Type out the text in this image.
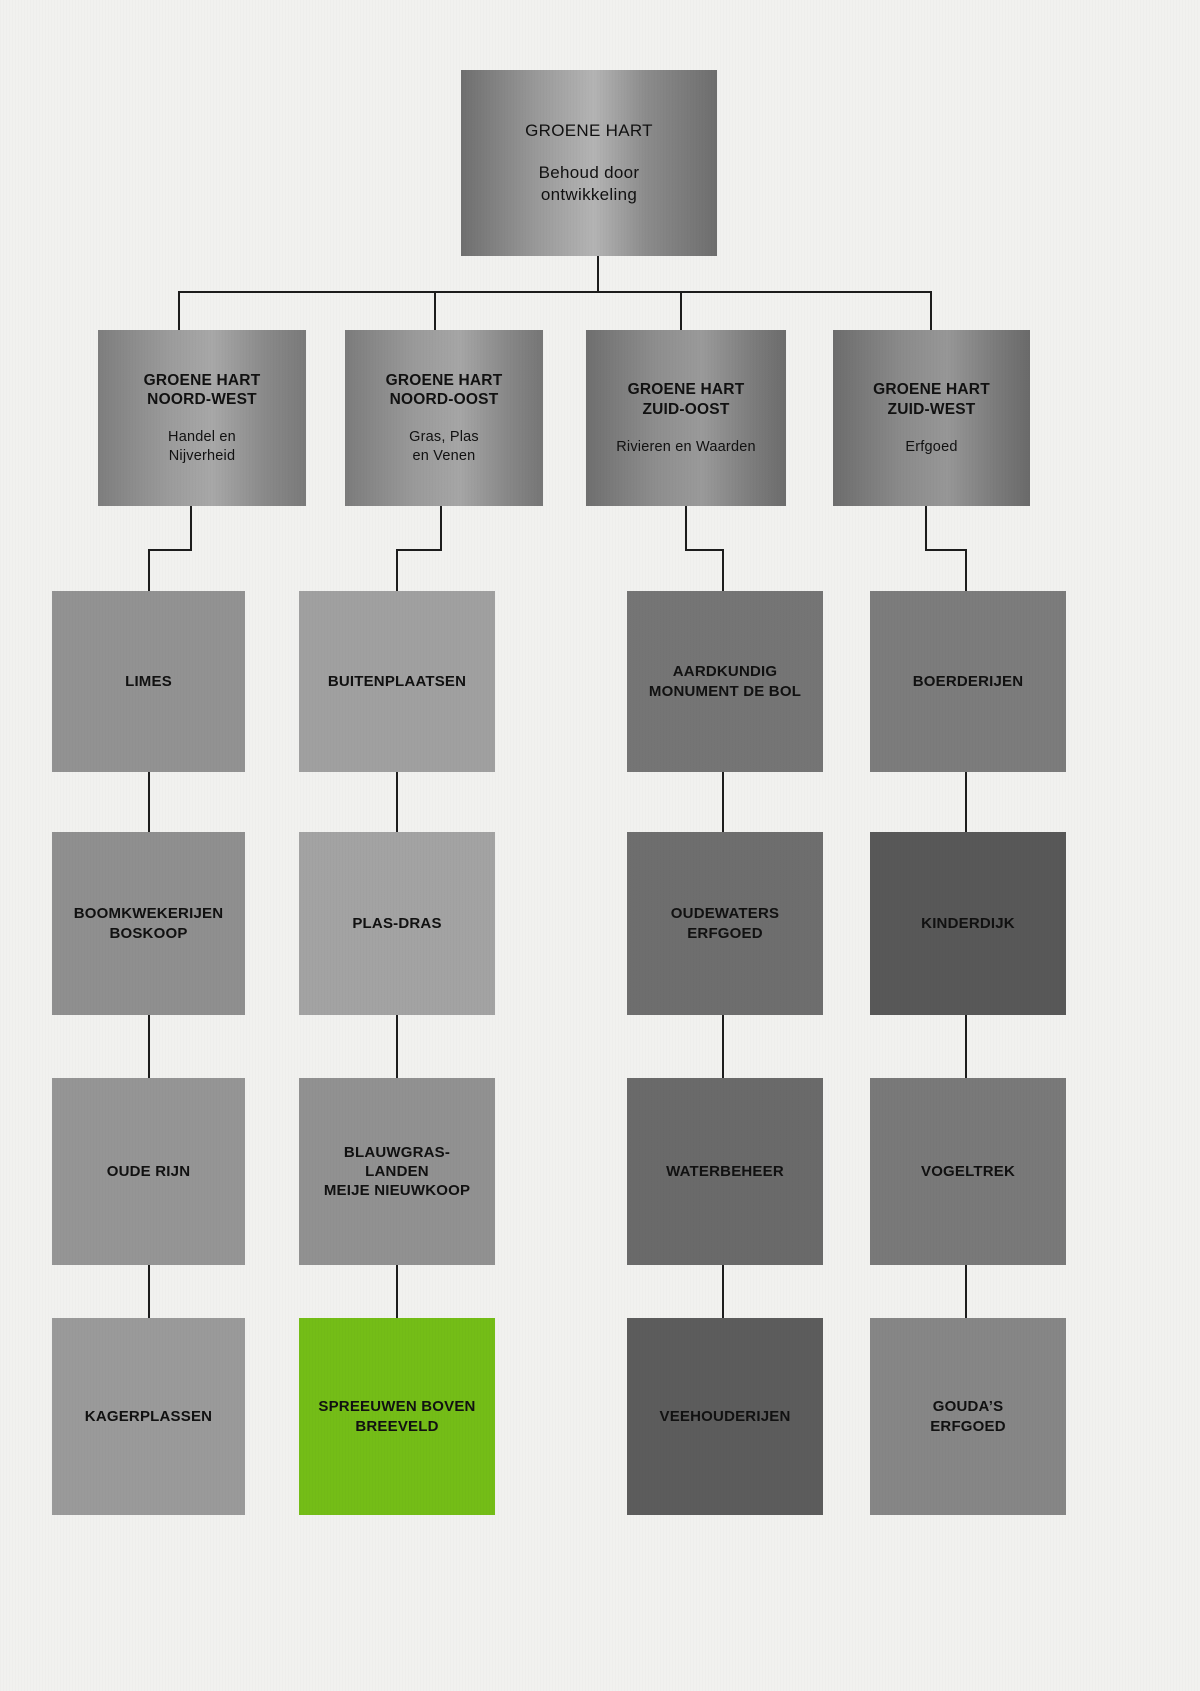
GROENE HART
Behoud door
ontwikkeling
GROENE HART
NOORD-WEST
Handel en
Nijverheid
GROENE HART
NOORD-OOST
Gras, Plas
en Venen
GROENE HART
ZUID-OOST
Rivieren en Waarden
GROENE HART
ZUID-WEST
Erfgoed
LIMES
BOOMKWEKERIJEN
BOSKOOP
OUDE RIJN
KAGERPLASSEN
BUITENPLAATSEN
PLAS-DRAS
BLAUWGRAS-
LANDEN
MEIJE NIEUWKOOP
SPREEUWEN BOVEN
BREEVELD
AARDKUNDIG
MONUMENT DE BOL
OUDEWATERS
ERFGOED
WATERBEHEER
VEEHOUDERIJEN
BOERDERIJEN
KINDERDIJK
VOGELTREK
GOUDA’S
ERFGOED
